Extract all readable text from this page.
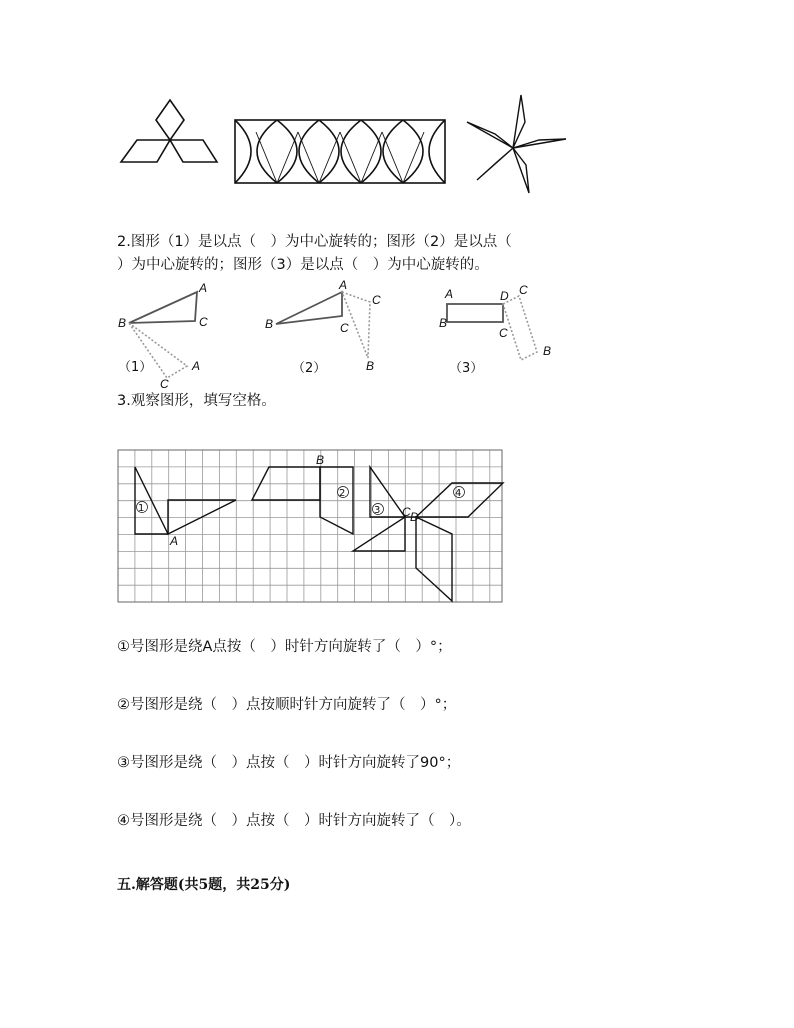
2.图形（1）是以点（　）为中心旋转的；图形（2）是以点（
）为中心旋转的；图形（3）是以点（　）为中心旋转的。
A
B	C
A
C
（1）
A
B	C
C
B
（2）
A
B
D
C
C
B
（3）
3.观察图形，填写空格。
1
2
3
4
A
B
C D
①号图形是绕A点按（　）时针方向旋转了（　）°；
②号图形是绕（　）点按顺时针方向旋转了（　）°；
③号图形是绕（　）点按（　）时针方向旋转了90°；
④号图形是绕（　）点按（　）时针方向旋转了（　）。
五.解答题(共5题，共25分)
